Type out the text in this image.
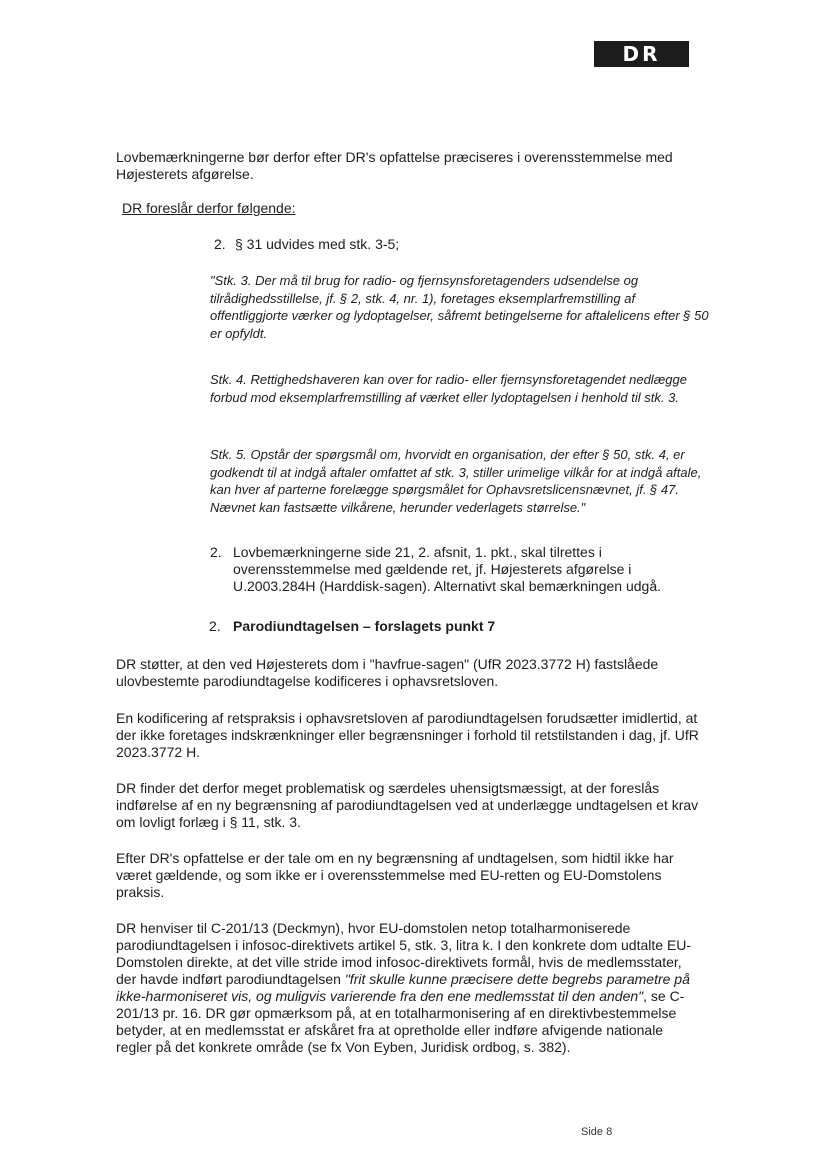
DR

Lovbemærkningerne bør derfor efter DR's opfattelse præciseres i overensstemmelse med Højesterets afgørelse.

DR foreslår derfor følgende:

2. § 31 udvides med stk. 3-5;

"Stk. 3. Der må til brug for radio- og fjernsynsforetagenders udsendelse og tilrådighedsstillelse, jf. § 2, stk. 4, nr. 1), foretages eksemplarfremstilling af offentliggjorte værker og lydoptagelser, såfremt betingelserne for aftalelicens efter § 50 er opfyldt.

Stk. 4. Rettighedshaveren kan over for radio- eller fjernsynsforetagendet nedlægge forbud mod eksemplarfremstilling af værket eller lydoptagelsen i henhold til stk. 3.

Stk. 5. Opstår der spørgsmål om, hvorvidt en organisation, der efter § 50, stk. 4, er godkendt til at indgå aftaler omfattet af stk. 3, stiller urimelige vilkår for at indgå aftale, kan hver af parterne forelægge spørgsmålet for Ophavsretslicensnævnet, jf. § 47. Nævnet kan fastsætte vilkårene, herunder vederlagets størrelse."

2. Lovbemærkningerne side 21, 2. afsnit, 1. pkt., skal tilrettes i overensstemmelse med gældende ret, jf. Højesterets afgørelse i U.2003.284H (Harddisk-sagen). Alternativt skal bemærkningen udgå.

2. Parodiundtagelsen – forslagets punkt 7

DR støtter, at den ved Højesterets dom i "havfrue-sagen" (UfR 2023.3772 H) fastslåede ulovbestemte parodiundtagelse kodificeres i ophavsretsloven.

En kodificering af retspraksis i ophavsretsloven af parodiundtagelsen forudsætter imidlertid, at der ikke foretages indskrænkninger eller begrænsninger i forhold til retstilstanden i dag, jf. UfR 2023.3772 H.

DR finder det derfor meget problematisk og særdeles uhensigtsmæssigt, at der foreslås indførelse af en ny begrænsning af parodiundtagelsen ved at underlægge undtagelsen et krav om lovligt forlæg i § 11, stk. 3.

Efter DR's opfattelse er der tale om en ny begrænsning af undtagelsen, som hidtil ikke har været gældende, og som ikke er i overensstemmelse med EU-retten og EU-Domstolens praksis.

DR henviser til C-201/13 (Deckmyn), hvor EU-domstolen netop totalharmoniserede parodiundtagelsen i infosoc-direktivets artikel 5, stk. 3, litra k. I den konkrete dom udtalte EU-Domstolen direkte, at det ville stride imod infosoc-direktivets formål, hvis de medlemsstater, der havde indført parodiundtagelsen "frit skulle kunne præcisere dette begrebs parametre på ikke-harmoniseret vis, og muligvis varierende fra den ene medlemsstat til den anden", se C-201/13 pr. 16. DR gør opmærksom på, at en totalharmonisering af en direktivbestemmelse betyder, at en medlemsstat er afskåret fra at opretholde eller indføre afvigende nationale regler på det konkrete område (se fx Von Eyben, Juridisk ordbog, s. 382).

Side 8
